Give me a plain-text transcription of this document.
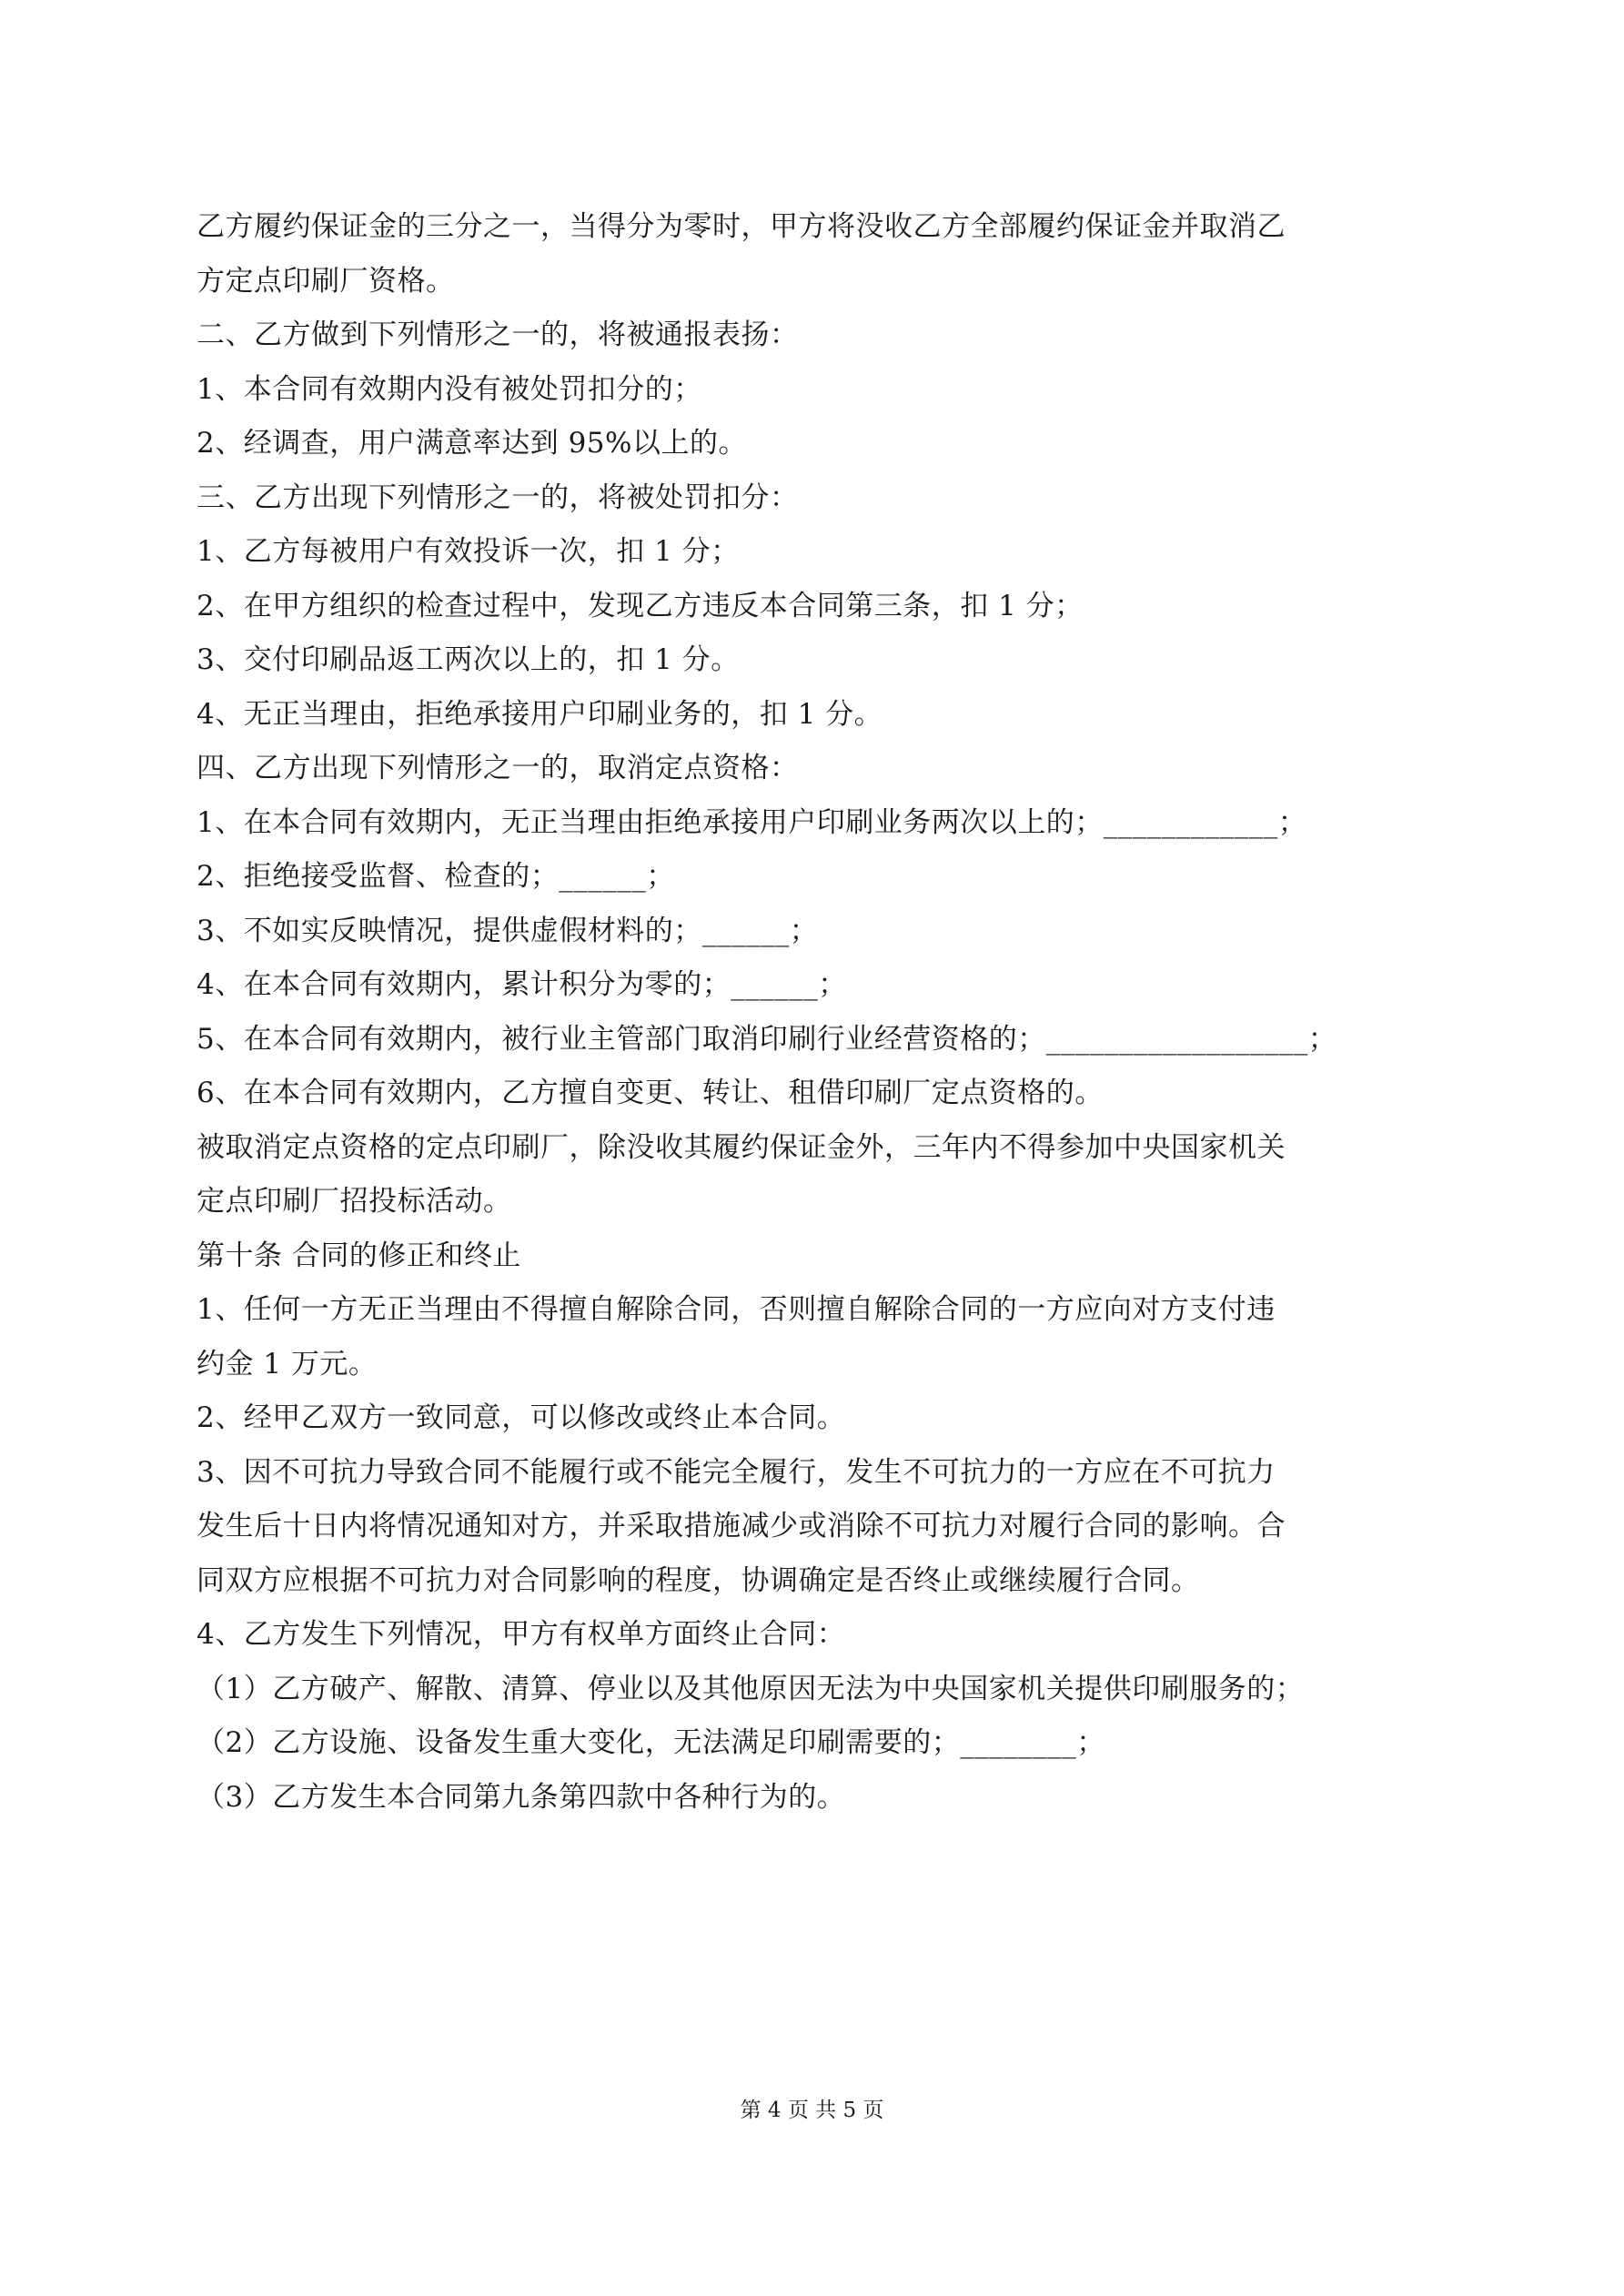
乙方履约保证金的三分之一，当得分为零时，甲方将没收乙方全部履约保证金并取消乙
方定点印刷厂资格。
二、乙方做到下列情形之一的，将被通报表扬：
1、本合同有效期内没有被处罚扣分的；
2、经调查，用户满意率达到 95%以上的。
三、乙方出现下列情形之一的，将被处罚扣分：
1、乙方每被用户有效投诉一次，扣 1 分；
2、在甲方组织的检查过程中，发现乙方违反本合同第三条，扣 1 分；
3、交付印刷品返工两次以上的，扣 1 分。
4、无正当理由，拒绝承接用户印刷业务的，扣 1 分。
四、乙方出现下列情形之一的，取消定点资格：
1、在本合同有效期内，无正当理由拒绝承接用户印刷业务两次以上的；____________；
2、拒绝接受监督、检查的；______；
3、不如实反映情况，提供虚假材料的；______；
4、在本合同有效期内，累计积分为零的；______；
5、在本合同有效期内，被行业主管部门取消印刷行业经营资格的；__________________；
6、在本合同有效期内，乙方擅自变更、转让、租借印刷厂定点资格的。
被取消定点资格的定点印刷厂，除没收其履约保证金外，三年内不得参加中央国家机关
定点印刷厂招投标活动。
第十条 合同的修正和终止
1、任何一方无正当理由不得擅自解除合同，否则擅自解除合同的一方应向对方支付违
约金 1 万元。
2、经甲乙双方一致同意，可以修改或终止本合同。
3、因不可抗力导致合同不能履行或不能完全履行，发生不可抗力的一方应在不可抗力
发生后十日内将情况通知对方，并采取措施减少或消除不可抗力对履行合同的影响。合
同双方应根据不可抗力对合同影响的程度，协调确定是否终止或继续履行合同。
4、乙方发生下列情况，甲方有权单方面终止合同：
（1）乙方破产、解散、清算、停业以及其他原因无法为中央国家机关提供印刷服务的；
（2）乙方设施、设备发生重大变化，无法满足印刷需要的；________；
（3）乙方发生本合同第九条第四款中各种行为的。
第 4 页 共 5 页
